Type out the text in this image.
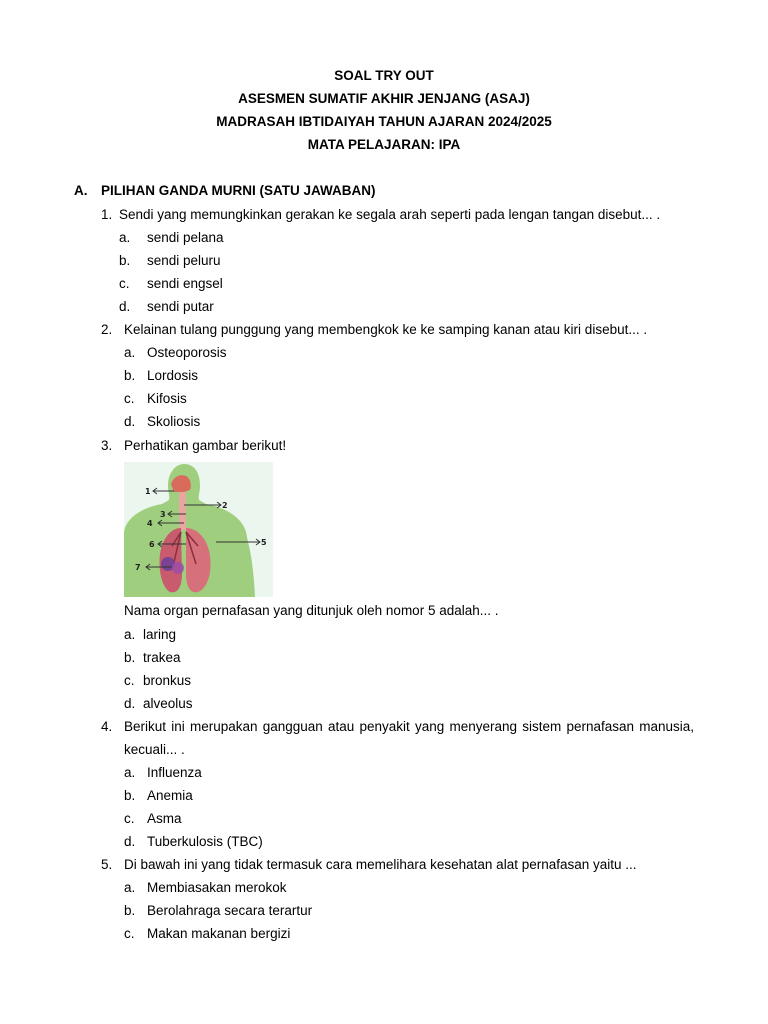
SOAL TRY OUT
ASESMEN SUMATIF AKHIR JENJANG (ASAJ)
MADRASAH IBTIDAIYAH TAHUN AJARAN 2024/2025
MATA PELAJARAN: IPA
A. PILIHAN GANDA MURNI (SATU JAWABAN)
1. Sendi yang memungkinkan gerakan ke segala arah seperti pada lengan tangan disebut... .
a. sendi pelana
b. sendi peluru
c. sendi engsel
d. sendi putar
2. Kelainan tulang punggung yang membengkok ke ke samping kanan atau kiri disebut... .
a. Osteoporosis
b. Lordosis
c. Kifosis
d. Skoliosis
3. Perhatikan gambar berikut!
1
2
3
4
5
6
7
Nama organ pernafasan yang ditunjuk oleh nomor 5 adalah... .
a. laring
b. trakea
c. bronkus
d. alveolus
4. Berikut ini merupakan gangguan atau penyakit yang menyerang sistem pernafasan manusia, kecuali... .
a. Influenza
b. Anemia
c. Asma
d. Tuberkulosis (TBC)
5. Di bawah ini yang tidak termasuk cara memelihara kesehatan alat pernafasan yaitu ...
a. Membiasakan merokok
b. Berolahraga secara terartur
c. Makan makanan bergizi
